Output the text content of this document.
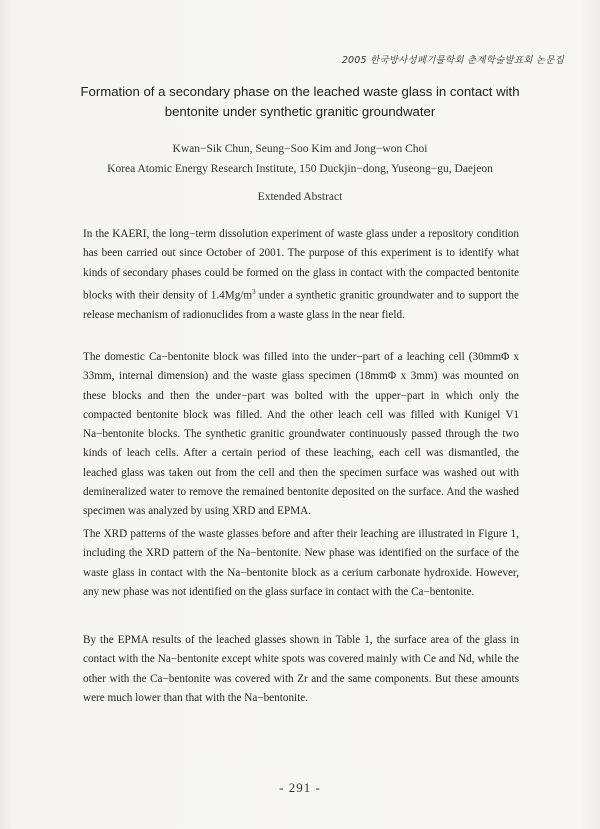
2005 한국방사성폐기물학회 춘계학술발표회 논문집
Formation of a secondary phase on the leached waste glass in contact with
bentonite under synthetic granitic groundwater
Kwan−Sik Chun, Seung−Soo Kim and Jong−won Choi
Korea Atomic Energy Research Institute, 150 Duckjin−dong, Yuseong−gu, Daejeon
Extended Abstract

In the KAERI, the long−term dissolution experiment of waste glass under a repository condition has been carried out since October of 2001. The purpose of this experiment is to identify what kinds of secondary phases could be formed on the glass in contact with the compacted bentonite blocks with their density of $1.4Mg/m^3$ under a synthetic granitic groundwater and to support the release mechanism of radionuclides from a waste glass in the near field.

The domestic Ca−bentonite block was filled into the under−part of a leaching cell (30mmΦ x 33mm, internal dimension) and the waste glass specimen (18mmΦ x 3mm) was mounted on these blocks and then the under−part was bolted with the upper−part in which only the compacted bentonite block was filled. And the other leach cell was filled with Kunigel V1 Na−bentonite blocks. The synthetic granitic groundwater continuously passed through the two kinds of leach cells. After a certain period of these leaching, each cell was dismantled, the leached glass was taken out from the cell and then the specimen surface was washed out with demineralized water to remove the remained bentonite deposited on the surface. And the washed specimen was analyzed by using XRD and EPMA.

The XRD patterns of the waste glasses before and after their leaching are illustrated in Figure 1, including the XRD pattern of the Na−bentonite. New phase was identified on the surface of the waste glass in contact with the Na−bentonite block as a cerium carbonate hydroxide. However, any new phase was not identified on the glass surface in contact with the Ca−bentonite.

By the EPMA results of the leached glasses shown in Table 1, the surface area of the glass in contact with the Na−bentonite except white spots was covered mainly with Ce and Nd, while the other with the Ca−bentonite was covered with Zr and the same components. But these amounts were much lower than that with the Na−bentonite.

- 291 -
